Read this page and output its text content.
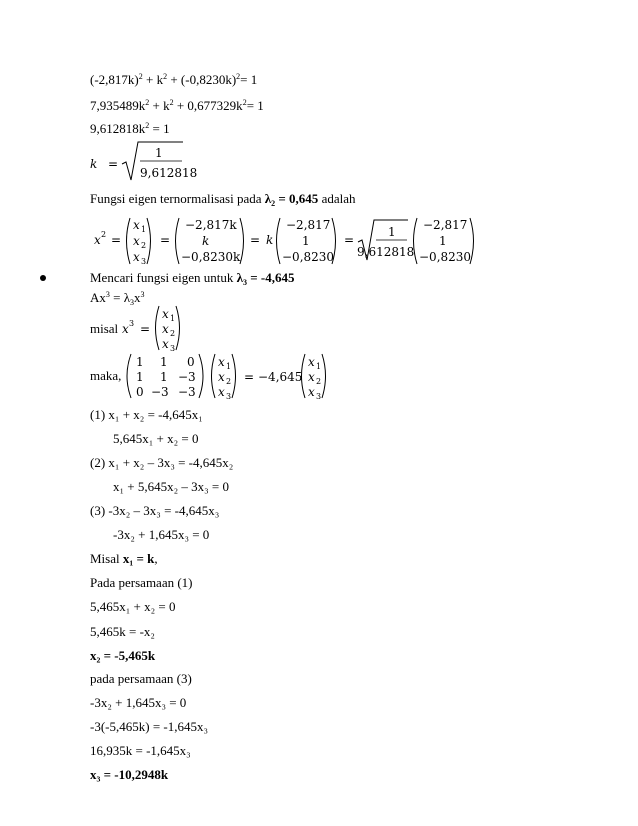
$(-2,817k)^2 + k^2 + (-0,8230k)^2= 1$
$7,935489k^2 + k^2 + 0,677329k^2= 1$
$9,612818k^2 = 1$
k =
1
9,612818
Fungsi eigen ternormalisasi pada $\lambda_2 = 0,645$ adalah
x 2 =
x 1
x 2
x 3
=
−2,817k
k
−0,8230k
= k
−2,817
1
−0,8230
=
1
9,612818
−2,817
1
−0,8230
Mencari fungsi eigen untuk $\lambda_3 = -4,645$
$Ax^3 = \lambda_3x^3$
misal x 3 =
x 1
x 2
x 3
maka,
1 1 0
1 1 −3
0 −3 −3
x 1
x 2
x 3
= −4,645
x 1
x 2
x 3
(1) x₁ + x₂ = -4,645x₁
5,645x₁ + x₂ = 0
(2) x₁ + x₂ – 3x₃ = -4,645x₂
x₁ + 5,645x₂ – 3x₃ = 0
(3) -3x₂ – 3x₃ = -4,645x₃
-3x₂ + 1,645x₃ = 0
Misal x₁ = k,
Pada persamaan (1)
5,465x₁ + x₂ = 0
5,465k = -x₂
x₂ = -5,465k
pada persamaan (3)
-3x₂ + 1,645x₃ = 0
-3(-5,465k) = -1,645x₃
16,935k = -1,645x₃
x₃ = -10,2948k
